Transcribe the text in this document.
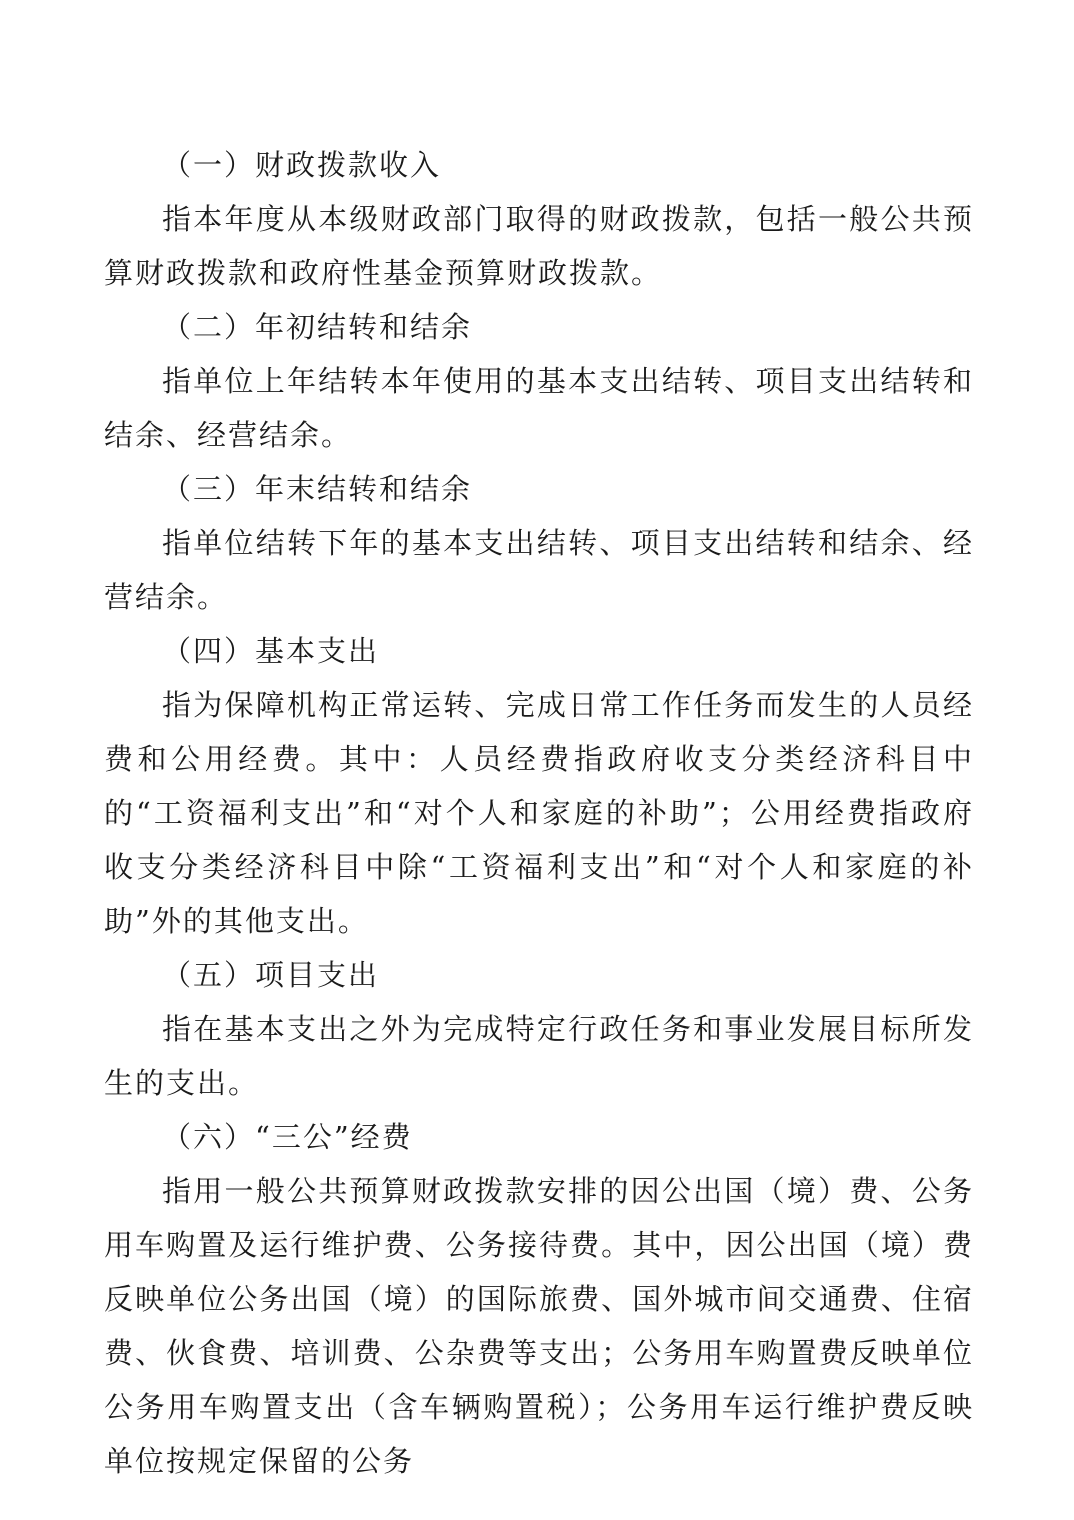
（一）财政拨款收入

指本年度从本级财政部门取得的财政拨款，包括一般公共预算财政拨款和政府性基金预算财政拨款。

（二）年初结转和结余

指单位上年结转本年使用的基本支出结转、项目支出结转和结余、经营结余。

（三）年末结转和结余

指单位结转下年的基本支出结转、项目支出结转和结余、经营结余。

（四）基本支出

指为保障机构正常运转、完成日常工作任务而发生的人员经费和公用经费。其中：人员经费指政府收支分类经济科目中的“工资福利支出”和“对个人和家庭的补助”；公用经费指政府收支分类经济科目中除“工资福利支出”和“对个人和家庭的补助”外的其他支出。

（五）项目支出

指在基本支出之外为完成特定行政任务和事业发展目标所发生的支出。

（六）“三公”经费

指用一般公共预算财政拨款安排的因公出国（境）费、公务用车购置及运行维护费、公务接待费。其中，因公出国（境）费反映单位公务出国（境）的国际旅费、国外城市间交通费、住宿费、伙食费、培训费、公杂费等支出；公务用车购置费反映单位公务用车购置支出（含车辆购置税）；公务用车运行维护费反映单位按规定保留的公务
